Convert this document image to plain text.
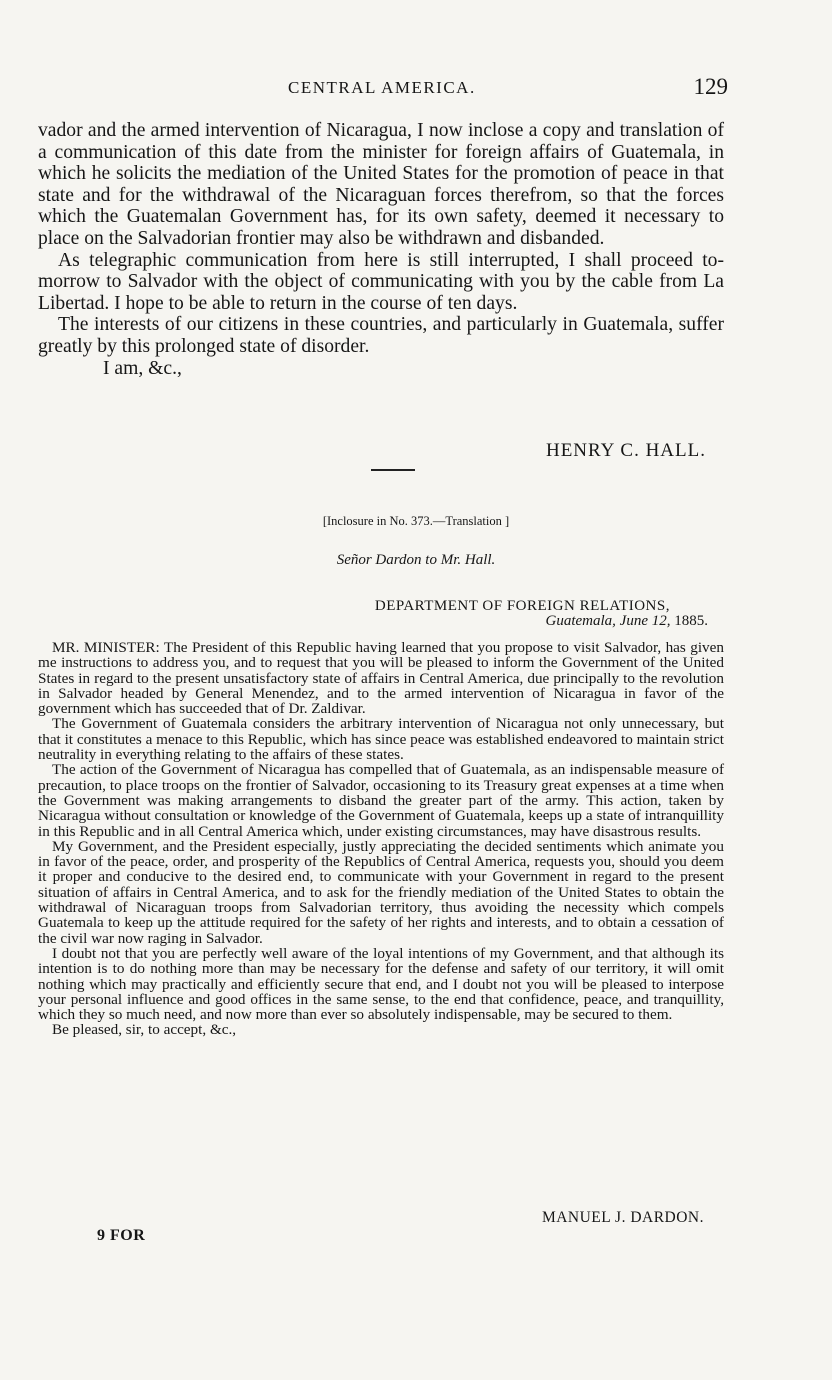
CENTRAL AMERICA.	129

vador and the armed intervention of Nicaragua, I now inclose a copy and translation of a communication of this date from the minister for foreign affairs of Guatemala, in which he solicits the mediation of the United States for the promotion of peace in that state and for the withdrawal of the Nicaraguan forces therefrom, so that the forces which the Guatemalan Government has, for its own safety, deemed it necessary to place on the Salvadorian frontier may also be withdrawn and disbanded.

As telegraphic communication from here is still interrupted, I shall proceed to-morrow to Salvador with the object of communicating with you by the cable from La Libertad. I hope to be able to return in the course of ten days.

The interests of our citizens in these countries, and particularly in Guatemala, suffer greatly by this prolonged state of disorder.

I am, &c.,

HENRY C. HALL.
[Inclosure in No. 373.—Translation ]
Señor Dardon to Mr. Hall.
DEPARTMENT OF FOREIGN RELATIONS,
Guatemala, June 12, 1885.

MR. MINISTER: The President of this Republic having learned that you propose to visit Salvador, has given me instructions to address you, and to request that you will be pleased to inform the Government of the United States in regard to the present unsatisfactory state of affairs in Central America, due principally to the revolution in Salvador headed by General Menendez, and to the armed intervention of Nicaragua in favor of the government which has succeeded that of Dr. Zaldivar.

The Government of Guatemala considers the arbitrary intervention of Nicaragua not only unnecessary, but that it constitutes a menace to this Republic, which has since peace was established endeavored to maintain strict neutrality in everything relating to the affairs of these states.

The action of the Government of Nicaragua has compelled that of Guatemala, as an indispensable measure of precaution, to place troops on the frontier of Salvador, occasioning to its Treasury great expenses at a time when the Government was making arrangements to disband the greater part of the army. This action, taken by Nicaragua without consultation or knowledge of the Government of Guatemala, keeps up a state of intranquillity in this Republic and in all Central America which, under existing circumstances, may have disastrous results.

My Government, and the President especially, justly appreciating the decided sentiments which animate you in favor of the peace, order, and prosperity of the Republics of Central America, requests you, should you deem it proper and conducive to the desired end, to communicate with your Government in regard to the present situation of affairs in Central America, and to ask for the friendly mediation of the United States to obtain the withdrawal of Nicaraguan troops from Salvadorian territory, thus avoiding the necessity which compels Guatemala to keep up the attitude required for the safety of her rights and interests, and to obtain a cessation of the civil war now raging in Salvador.

I doubt not that you are perfectly well aware of the loyal intentions of my Government, and that although its intention is to do nothing more than may be necessary for the defense and safety of our territory, it will omit nothing which may practically and efficiently secure that end, and I doubt not you will be pleased to interpose your personal influence and good offices in the same sense, to the end that confidence, peace, and tranquillity, which they so much need, and now more than ever so absolutely indispensable, may be secured to them.

Be pleased, sir, to accept, &c.,

MANUEL J. DARDON.
9 FOR
